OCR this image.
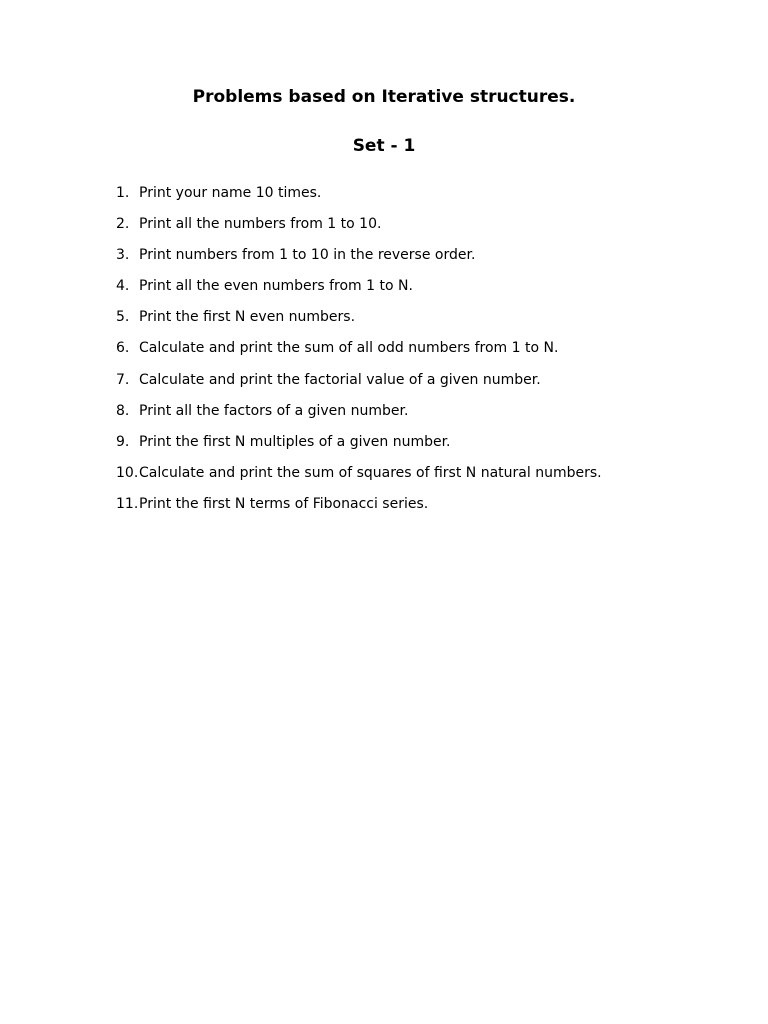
Problems based on Iterative structures.
Set - 1
1. Print your name 10 times.
2. Print all the numbers from 1 to 10.
3. Print numbers from 1 to 10 in the reverse order.
4. Print all the even numbers from 1 to N.
5. Print the first N even numbers.
6. Calculate and print the sum of all odd numbers from 1 to N.
7. Calculate and print the factorial value of a given number.
8. Print all the factors of a given number.
9. Print the first N multiples of a given number.
10.Calculate and print the sum of squares of first N natural numbers.
11.Print the first N terms of Fibonacci series.
